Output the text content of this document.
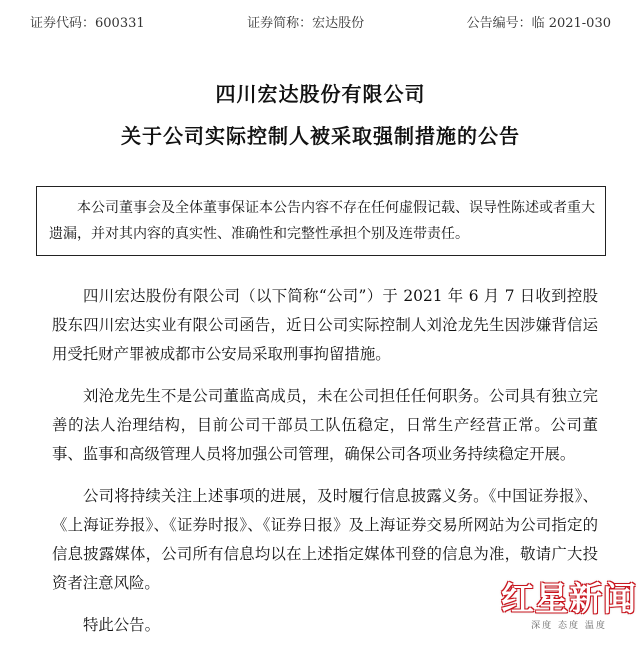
证券代码：600331	证券简称：宏达股份	公告编号：临 2021-030
四川宏达股份有限公司
关于公司实际控制人被采取强制措施的公告
本公司董事会及全体董事保证本公告内容不存在任何虚假记载、误导性陈述或者重大遗漏，并对其内容的真实性、准确性和完整性承担个别及连带责任。

四川宏达股份有限公司（以下简称“公司”）于 2021 年 6 月 7 日收到控股股东四川宏达实业有限公司函告，近日公司实际控制人刘沧龙先生因涉嫌背信运用受托财产罪被成都市公安局采取刑事拘留措施。

刘沧龙先生不是公司董监高成员，未在公司担任任何职务。公司具有独立完善的法人治理结构，目前公司干部员工队伍稳定，日常生产经营正常。公司董事、监事和高级管理人员将加强公司管理，确保公司各项业务持续稳定开展。

公司将持续关注上述事项的进展，及时履行信息披露义务。《中国证券报》、《上海证券报》、《证券时报》、《证券日报》及上海证券交易所网站为公司指定的信息披露媒体，公司所有信息均以在上述指定媒体刊登的信息为准，敬请广大投资者注意风险。

特此公告。

红星新闻
深度 态度 温度
